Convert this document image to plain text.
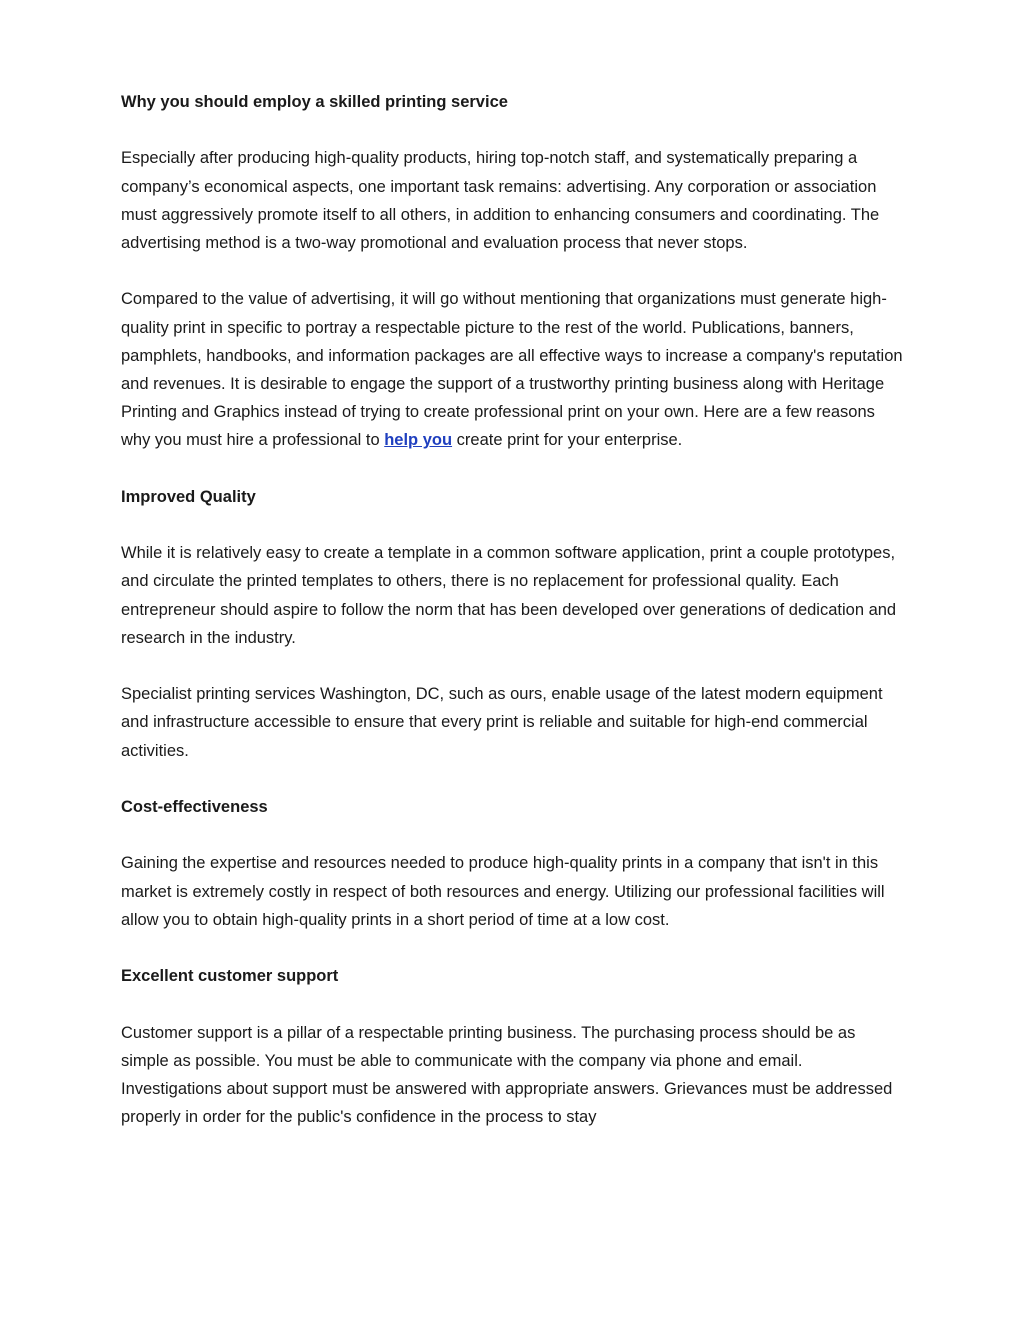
Why you should employ a skilled printing service

Especially after producing high-quality products, hiring top-notch staff, and systematically preparing a company’s economical aspects, one important task remains: advertising. Any corporation or association must aggressively promote itself to all others, in addition to enhancing consumers and coordinating. The advertising method is a two-way promotional and evaluation process that never stops.

Compared to the value of advertising, it will go without mentioning that organizations must generate high-quality print in specific to portray a respectable picture to the rest of the world. Publications, banners, pamphlets, handbooks, and information packages are all effective ways to increase a company's reputation and revenues. It is desirable to engage the support of a trustworthy printing business along with Heritage Printing and Graphics instead of trying to create professional print on your own. Here are a few reasons why you must hire a professional to help you create print for your enterprise.

Improved Quality

While it is relatively easy to create a template in a common software application, print a couple prototypes, and circulate the printed templates to others, there is no replacement for professional quality. Each entrepreneur should aspire to follow the norm that has been developed over generations of dedication and research in the industry.

Specialist printing services Washington, DC, such as ours, enable usage of the latest modern equipment and infrastructure accessible to ensure that every print is reliable and suitable for high-end commercial activities.

Cost-effectiveness

Gaining the expertise and resources needed to produce high-quality prints in a company that isn't in this market is extremely costly in respect of both resources and energy. Utilizing our professional facilities will allow you to obtain high-quality prints in a short period of time at a low cost.

Excellent customer support

Customer support is a pillar of a respectable printing business. The purchasing process should be as simple as possible. You must be able to communicate with the company via phone and email. Investigations about support must be answered with appropriate answers. Grievances must be addressed properly in order for the public's confidence in the process to stay
